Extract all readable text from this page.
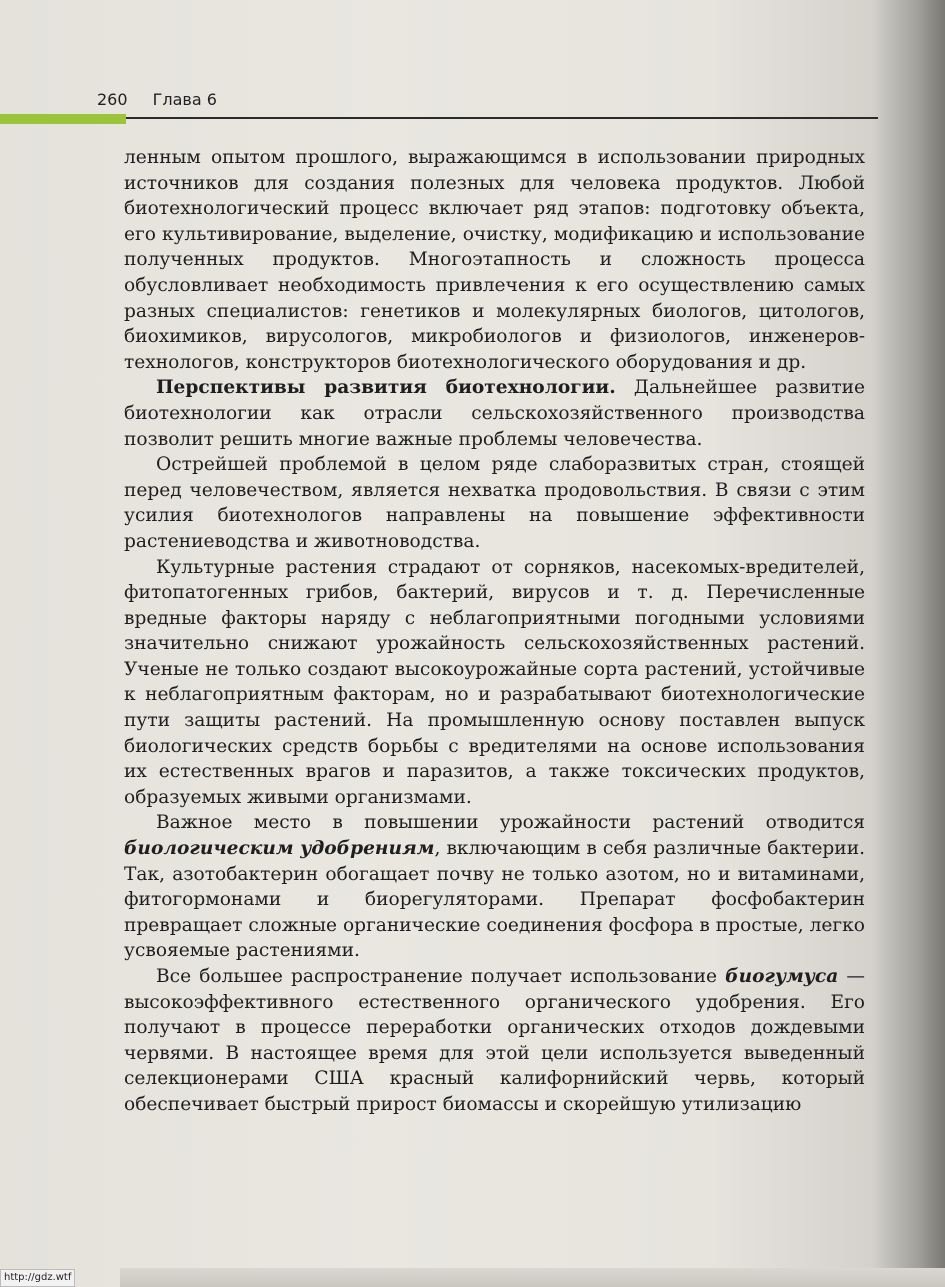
260 Глава 6

ленным опытом прошлого, выражающимся в использовании природных источников для создания полезных для человека продуктов. Любой биотехнологический процесс включает ряд этапов: подготовку объекта, его культивирование, выделение, очистку, модификацию и использование полученных продуктов. Многоэтапность и сложность процесса обусловливает необходимость привлечения к его осуществлению самых разных специалистов: генетиков и молекулярных биологов, цитологов, биохимиков, вирусологов, микробиологов и физиологов, инженеров-технологов, конструкторов биотехнологического оборудования и др.

Перспективы развития биотехнологии. Дальнейшее развитие биотехнологии как отрасли сельскохозяйственного производства позволит решить многие важные проблемы человечества.

Острейшей проблемой в целом ряде слаборазвитых стран, стоящей перед человечеством, является нехватка продовольствия. В связи с этим усилия биотехнологов направлены на повышение эффективности растениеводства и животноводства.

Культурные растения страдают от сорняков, насекомых-вредителей, фитопатогенных грибов, бактерий, вирусов и т. д. Перечисленные вредные факторы наряду с неблагоприятными погодными условиями значительно снижают урожайность сельскохозяйственных растений. Ученые не только создают высокоурожайные сорта растений, устойчивые к неблагоприятным факторам, но и разрабатывают биотехнологические пути защиты растений. На промышленную основу поставлен выпуск биологических средств борьбы с вредителями на основе использования их естественных врагов и паразитов, а также токсических продуктов, образуемых живыми организмами.

Важное место в повышении урожайности растений отводится биологическим удобрениям, включающим в себя различные бактерии. Так, азотобактерин обогащает почву не только азотом, но и витаминами, фитогормонами и биорегуляторами. Препарат фосфобактерин превращает сложные органические соединения фосфора в простые, легко усвояемые растениями.

Все большее распространение получает использование биогумуса — высокоэффективного естественного органического удобрения. Его получают в процессе переработки органических отходов дождевыми червями. В настоящее время для этой цели используется выведенный селекционерами США красный калифорнийский червь, который обеспечивает быстрый прирост биомассы и скорейшую утилизацию

http://gdz.wtf
